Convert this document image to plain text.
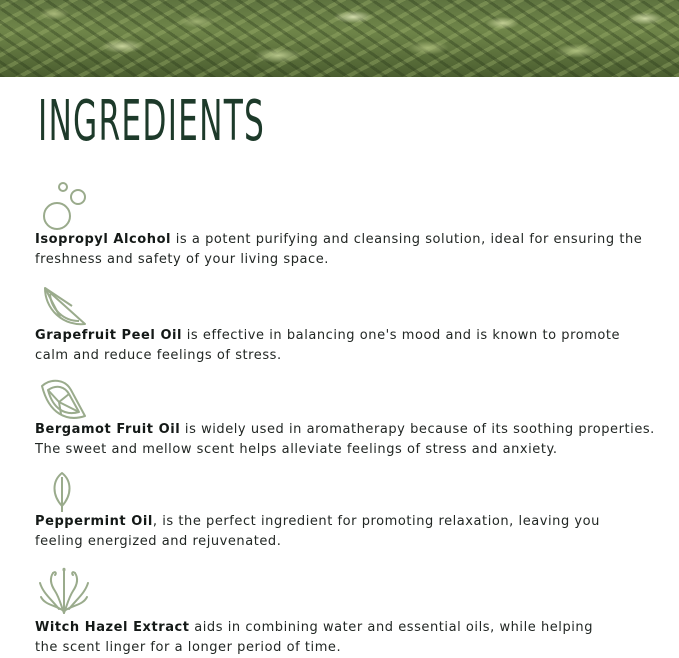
INGREDIENTS

Isopropyl Alcohol is a potent purifying and cleansing solution, ideal for ensuring the freshness and safety of your living space.

Grapefruit Peel Oil is effective in balancing one's mood and is known to promote calm and reduce feelings of stress.

Bergamot Fruit Oil is widely used in aromatherapy because of its soothing properties. The sweet and mellow scent helps alleviate feelings of stress and anxiety.

Peppermint Oil, is the perfect ingredient for promoting relaxation, leaving you feeling energized and rejuvenated.

Witch Hazel Extract aids in combining water and essential oils, while helping the scent linger for a longer period of time.
